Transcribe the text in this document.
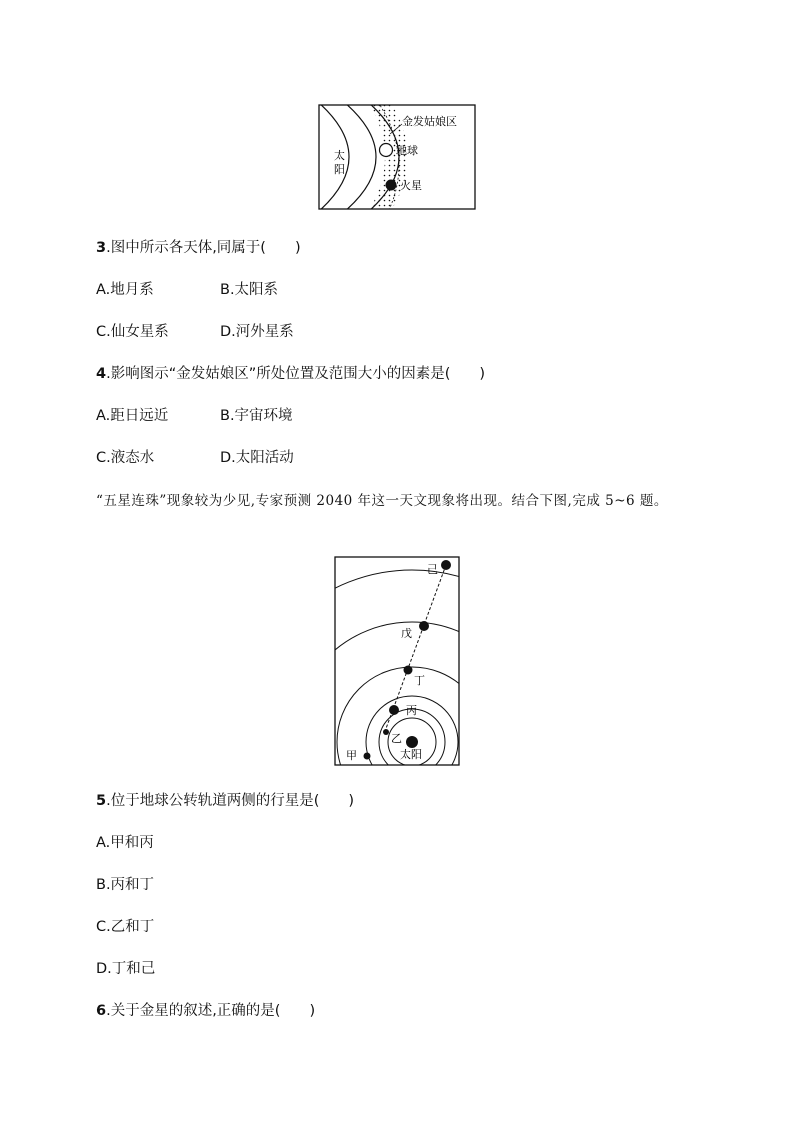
金发姑娘区
地球
火星
太
阳
3.图中所示各天体,同属于(　　)
A.地月系	B.太阳系
C.仙女星系	D.河外星系
4.影响图示“金发姑娘区”所处位置及范围大小的因素是(　　)
A.距日远近	B.宇宙环境
C.液态水	D.太阳活动
“五星连珠”现象较为少见,专家预测 2040 年这一天文现象将出现。结合下图,完成 5~6 题。
己
戊
丁
丙
乙
太阳
甲
5.位于地球公转轨道两侧的行星是(　　)
A.甲和丙
B.丙和丁
C.乙和丁
D.丁和己
6.关于金星的叙述,正确的是(　　)
